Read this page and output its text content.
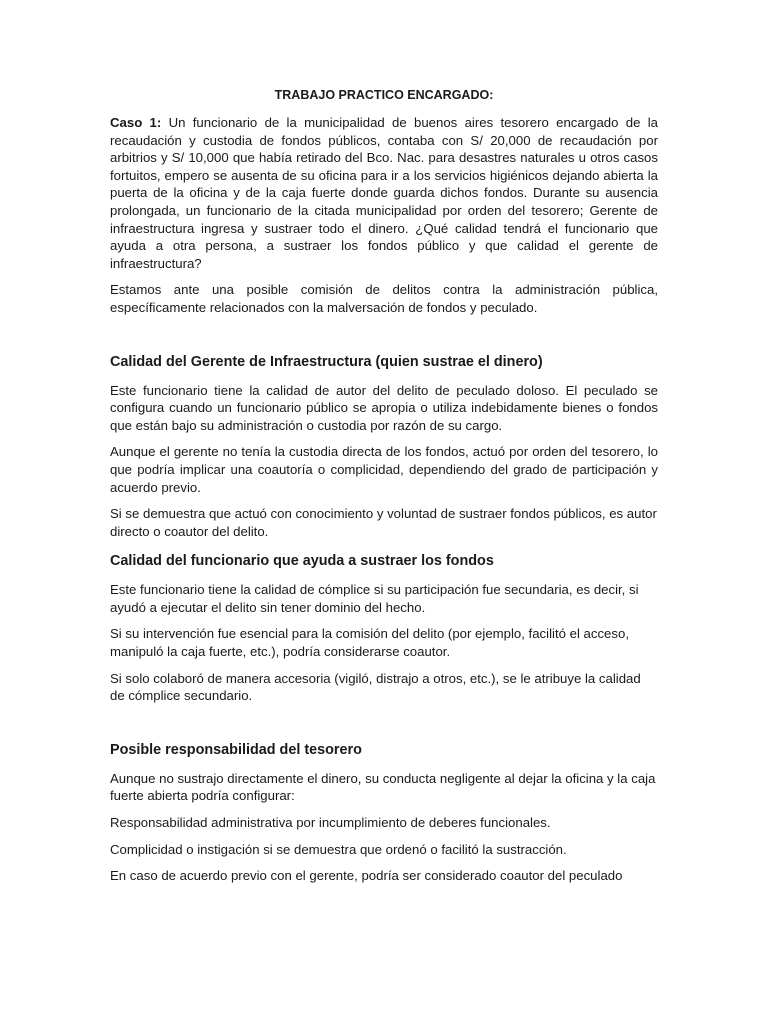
TRABAJO PRACTICO ENCARGADO:

Caso 1: Un funcionario de la municipalidad de buenos aires tesorero encargado de la recaudación y custodia de fondos públicos, contaba con S/ 20,000 de recaudación por arbitrios y S/ 10,000 que había retirado del Bco. Nac. para desastres naturales u otros casos fortuitos, empero se ausenta de su oficina para ir a los servicios higiénicos dejando abierta la puerta de la oficina y de la caja fuerte donde guarda dichos fondos. Durante su ausencia prolongada, un funcionario de la citada municipalidad por orden del tesorero; Gerente de infraestructura ingresa y sustraer todo el dinero. ¿Qué calidad tendrá el funcionario que ayuda a otra persona, a sustraer los fondos público y que calidad el gerente de infraestructura?

Estamos ante una posible comisión de delitos contra la administración pública, específicamente relacionados con la malversación de fondos y peculado.

Calidad del Gerente de Infraestructura (quien sustrae el dinero)

Este funcionario tiene la calidad de autor del delito de peculado doloso. El peculado se configura cuando un funcionario público se apropia o utiliza indebidamente bienes o fondos que están bajo su administración o custodia por razón de su cargo.

Aunque el gerente no tenía la custodia directa de los fondos, actuó por orden del tesorero, lo que podría implicar una coautoría o complicidad, dependiendo del grado de participación y acuerdo previo.

Si se demuestra que actuó con conocimiento y voluntad de sustraer fondos públicos, es autor directo o coautor del delito.

Calidad del funcionario que ayuda a sustraer los fondos

Este funcionario tiene la calidad de cómplice si su participación fue secundaria, es decir, si ayudó a ejecutar el delito sin tener dominio del hecho.

Si su intervención fue esencial para la comisión del delito (por ejemplo, facilitó el acceso, manipuló la caja fuerte, etc.), podría considerarse coautor.

Si solo colaboró de manera accesoria (vigiló, distrajo a otros, etc.), se le atribuye la calidad de cómplice secundario.

Posible responsabilidad del tesorero

Aunque no sustrajo directamente el dinero, su conducta negligente al dejar la oficina y la caja fuerte abierta podría configurar:

Responsabilidad administrativa por incumplimiento de deberes funcionales.

Complicidad o instigación si se demuestra que ordenó o facilitó la sustracción.

En caso de acuerdo previo con el gerente, podría ser considerado coautor del peculado
